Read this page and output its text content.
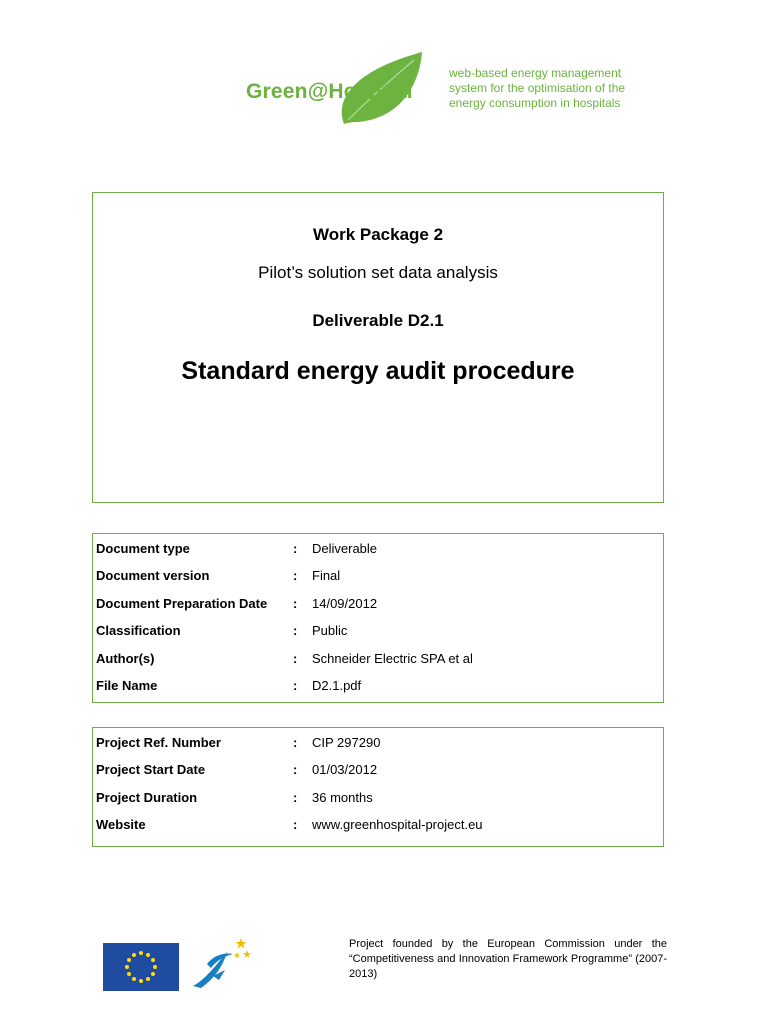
Green@Hospital
web-based energy management system for the optimisation of the energy consumption in hospitals
Work Package 2
Pilot’s solution set data analysis
Deliverable D2.1
Standard energy audit procedure
Document type	: Deliverable
Document version	: Final
Document Preparation Date : 14/09/2012
Classification	: Public
Author(s)	: Schneider Electric SPA et al
File Name	: D2.1.pdf
Project Ref. Number	: CIP 297290
Project Start Date	: 01/03/2012
Project Duration	: 36 months
Website	: www.greenhospital-project.eu
Project founded by the European Commission under the “Competitiveness and Innovation Framework Programme” (2007-2013)
